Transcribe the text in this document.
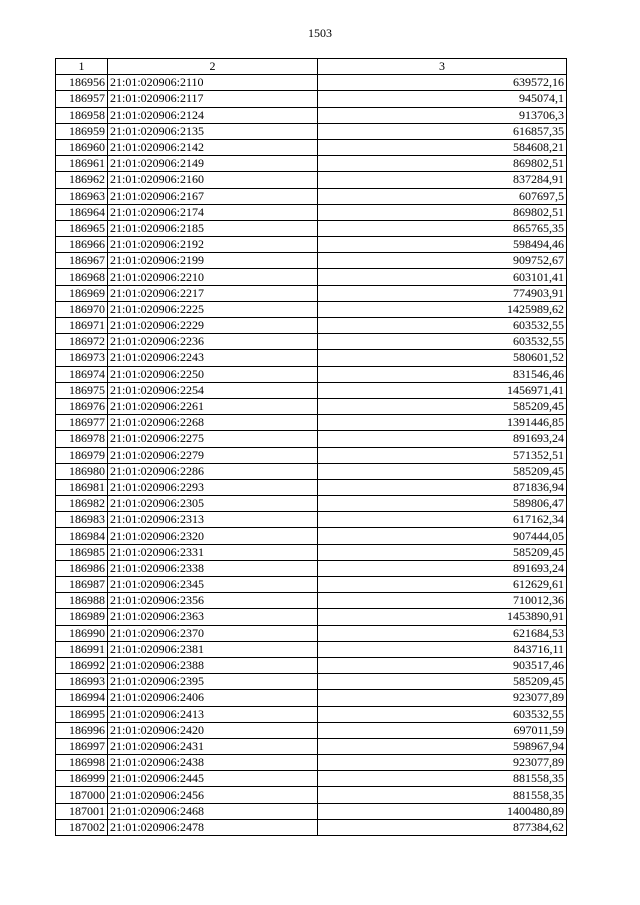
1503
1	2	3
186956	21:01:020906:2110	639572,16
186957	21:01:020906:2117	945074,1
186958	21:01:020906:2124	913706,3
186959	21:01:020906:2135	616857,35
186960	21:01:020906:2142	584608,21
186961	21:01:020906:2149	869802,51
186962	21:01:020906:2160	837284,91
186963	21:01:020906:2167	607697,5
186964	21:01:020906:2174	869802,51
186965	21:01:020906:2185	865765,35
186966	21:01:020906:2192	598494,46
186967	21:01:020906:2199	909752,67
186968	21:01:020906:2210	603101,41
186969	21:01:020906:2217	774903,91
186970	21:01:020906:2225	1425989,62
186971	21:01:020906:2229	603532,55
186972	21:01:020906:2236	603532,55
186973	21:01:020906:2243	580601,52
186974	21:01:020906:2250	831546,46
186975	21:01:020906:2254	1456971,41
186976	21:01:020906:2261	585209,45
186977	21:01:020906:2268	1391446,85
186978	21:01:020906:2275	891693,24
186979	21:01:020906:2279	571352,51
186980	21:01:020906:2286	585209,45
186981	21:01:020906:2293	871836,94
186982	21:01:020906:2305	589806,47
186983	21:01:020906:2313	617162,34
186984	21:01:020906:2320	907444,05
186985	21:01:020906:2331	585209,45
186986	21:01:020906:2338	891693,24
186987	21:01:020906:2345	612629,61
186988	21:01:020906:2356	710012,36
186989	21:01:020906:2363	1453890,91
186990	21:01:020906:2370	621684,53
186991	21:01:020906:2381	843716,11
186992	21:01:020906:2388	903517,46
186993	21:01:020906:2395	585209,45
186994	21:01:020906:2406	923077,89
186995	21:01:020906:2413	603532,55
186996	21:01:020906:2420	697011,59
186997	21:01:020906:2431	598967,94
186998	21:01:020906:2438	923077,89
186999	21:01:020906:2445	881558,35
187000	21:01:020906:2456	881558,35
187001	21:01:020906:2468	1400480,89
187002	21:01:020906:2478	877384,62
